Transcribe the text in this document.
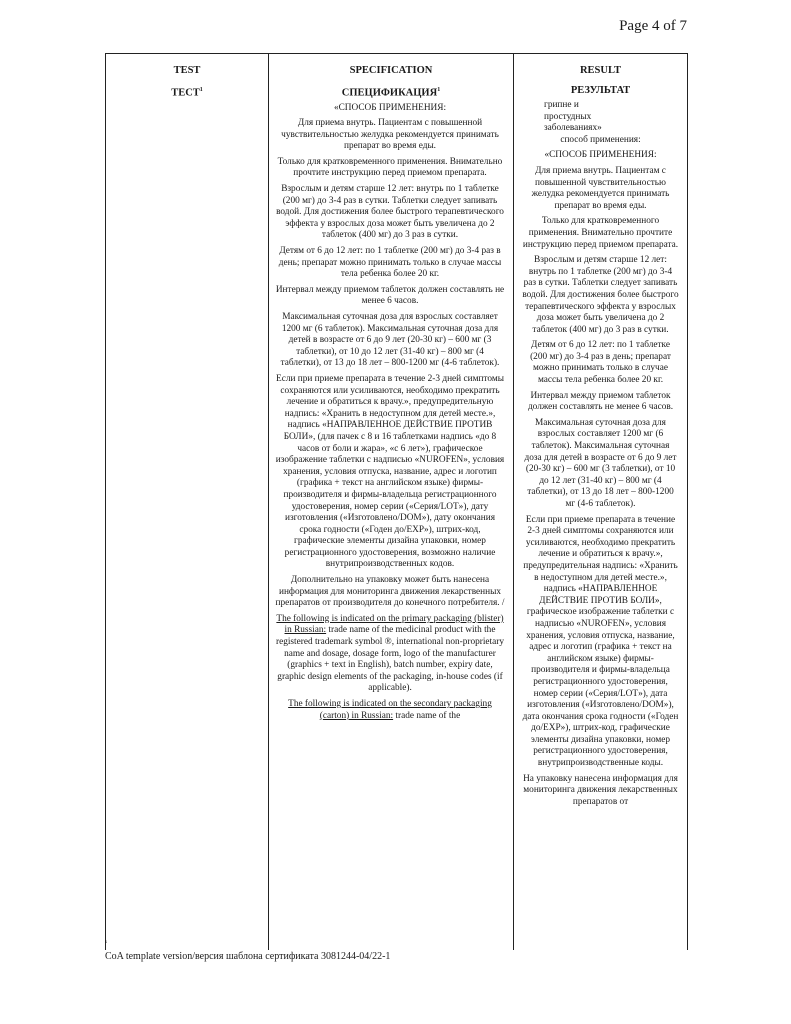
Page 4 of 7

TEST

ТЕСТ$^1$

SPECIFICATION

СПЕЦИФИКАЦИЯ$^1$

«СПОСОБ ПРИМЕНЕНИЯ:

Для приема внутрь. Пациентам с повышенной чувствительностью желудка рекомендуется принимать препарат во время еды.

Только для кратковременного применения. Внимательно прочтите инструкцию перед приемом препарата.

Взрослым и детям старше 12 лет: внутрь по 1 таблетке (200 мг) до 3-4 раз в сутки. Таблетки следует запивать водой. Для достижения более быстрого терапевтического эффекта у взрослых доза может быть увеличена до 2 таблеток (400 мг) до 3 раз в сутки.

Детям от 6 до 12 лет: по 1 таблетке (200 мг) до 3-4 раз в день; препарат можно принимать только в случае массы тела ребенка более 20 кг.

Интервал между приемом таблеток должен составлять не менее 6 часов.

Максимальная суточная доза для взрослых составляет 1200 мг (6 таблеток). Максимальная суточная доза для детей в возрасте от 6 до 9 лет (20-30 кг) – 600 мг (3 таблетки), от 10 до 12 лет (31-40 кг) – 800 мг (4 таблетки), от 13 до 18 лет – 800-1200 мг (4-6 таблеток).

Если при приеме препарата в течение 2-3 дней симптомы сохраняются или усиливаются, необходимо прекратить лечение и обратиться к врачу.», предупредительную надпись: «Хранить в недоступном для детей месте.», надпись «НАПРАВЛЕННОЕ ДЕЙСТВИЕ ПРОТИВ БОЛИ», (для пачек с 8 и 16 таблетками надпись «до 8 часов от боли и жара», «с 6 лет»), графическое изображение таблетки с надписью «NUROFEN», условия хранения, условия отпуска, название, адрес и логотип (графика + текст на английском языке) фирмы-производителя и фирмы-владельца регистрационного удостоверения, номер серии («Серия/LOT»), дату изготовления («Изготовлено/DOM»), дату окончания срока годности («Годен до/EXP»), штрих-код, графические элементы дизайна упаковки, номер регистрационного удостоверения, возможно наличие внутрипроизводственных кодов.

Дополнительно на упаковку может быть нанесена информация для мониторинга движения лекарственных препаратов от производителя до конечного потребителя. /

The following is indicated on the primary packaging (blister) in Russian: trade name of the medicinal product with the registered trademark symbol ®, international non-proprietary name and dosage, dosage form, logo of the manufacturer (graphics + text in English), batch number, expiry date, graphic design elements of the packaging, in-house codes (if applicable).

The following is indicated on the secondary packaging (carton) in Russian: trade name of the

RESULT

РЕЗУЛЬТАТ

грипне и
простудных
заболеваниях»

способ применения:

«СПОСОБ ПРИМЕНЕНИЯ:

Для приема внутрь. Пациентам с повышенной чувствительностью желудка рекомендуется принимать препарат во время еды.

Только для кратковременного применения. Внимательно прочтите инструкцию перед приемом препарата.

Взрослым и детям старше 12 лет: внутрь по 1 таблетке (200 мг) до 3-4 раз в сутки. Таблетки следует запивать водой. Для достижения более быстрого терапевтического эффекта у взрослых доза может быть увеличена до 2 таблеток (400 мг) до 3 раз в сутки.

Детям от 6 до 12 лет: по 1 таблетке (200 мг) до 3-4 раз в день; препарат можно принимать только в случае массы тела ребенка более 20 кг.

Интервал между приемом таблеток должен составлять не менее 6 часов.

Максимальная суточная доза для взрослых составляет 1200 мг (6 таблеток). Максимальная суточная доза для детей в возрасте от 6 до 9 лет (20-30 кг) – 600 мг (3 таблетки), от 10 до 12 лет (31-40 кг) – 800 мг (4 таблетки), от 13 до 18 лет – 800-1200 мг (4-6 таблеток).

Если при приеме препарата в течение 2-3 дней симптомы сохраняются или усиливаются, необходимо прекратить лечение и обратиться к врачу.», предупредительная надпись: «Хранить в недоступном для детей месте.», надпись «НАПРАВЛЕННОЕ ДЕЙСТВИЕ ПРОТИВ БОЛИ», графическое изображение таблетки с надписью «NUROFEN», условия хранения, условия отпуска, название, адрес и логотип (графика + текст на английском языке) фирмы-производителя и фирмы-владельца регистрационного удостоверения, номер серии («Серия/LOT»), дата изготовления («Изготовлено/DOM»), дата окончания срока годности («Годен до/EXP»), штрих-код, графические элементы дизайна упаковки, номер регистрационного удостоверения, внутрипроизводственные коды.

На упаковку нанесена информация для мониторинга движения лекарственных препаратов от

s
CoA template version/версия шаблона сертификата 3081244-04/22-1
